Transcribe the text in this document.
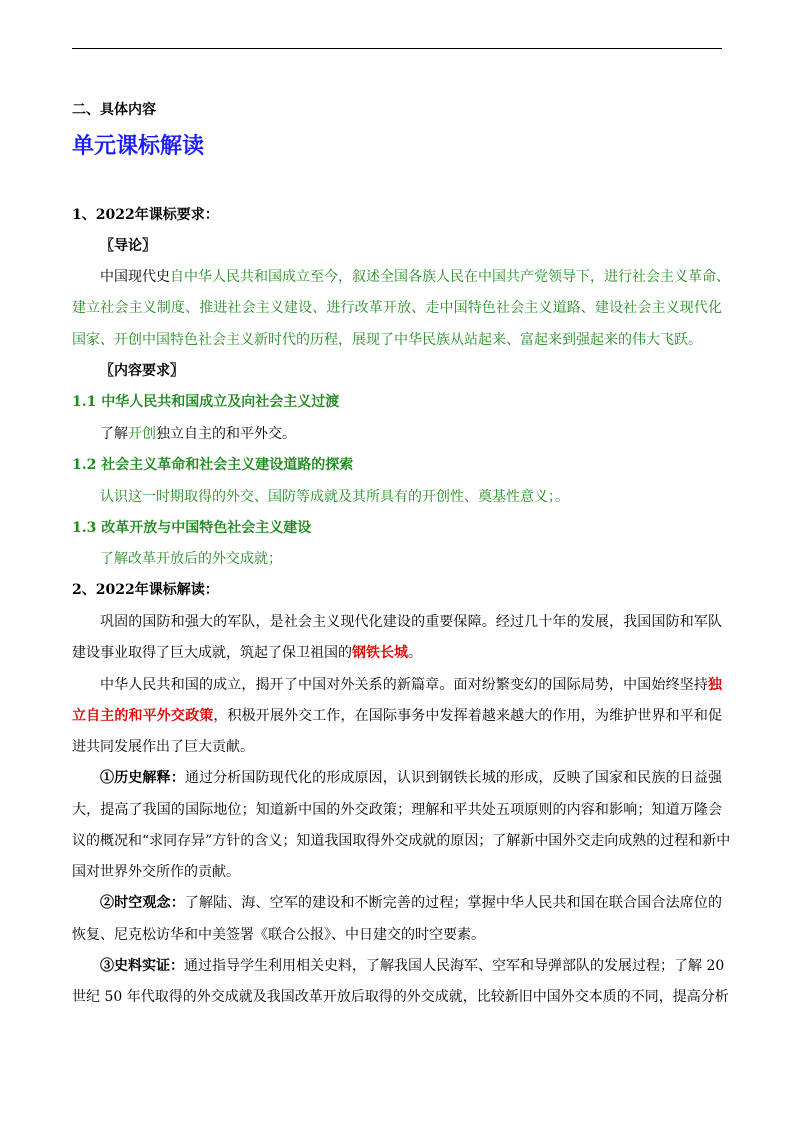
二、具体内容
单元课标解读
1、2022年课标要求：
〖导论〗
中国现代史自中华人民共和国成立至今，叙述全国各族人民在中国共产党领导下，进行社会主义革命、
建立社会主义制度、推进社会主义建设、进行改革开放、走中国特色社会主义道路、建设社会主义现代化
国家、开创中国特色社会主义新时代的历程，展现了中华民族从站起来、富起来到强起来的伟大飞跃。
〖内容要求〗
1.1 中华人民共和国成立及向社会主义过渡
了解开创独立自主的和平外交。
1.2 社会主义革命和社会主义建设道路的探索
认识这一时期取得的外交、国防等成就及其所具有的开创性、奠基性意义；。
1.3 改革开放与中国特色社会主义建设
了解改革开放后的外交成就；
2、2022年课标解读：
巩固的国防和强大的军队，是社会主义现代化建设的重要保障。经过几十年的发展，我国国防和军队
建设事业取得了巨大成就，筑起了保卫祖国的钢铁长城。
中华人民共和国的成立，揭开了中国对外关系的新篇章。面对纷繁变幻的国际局势，中国始终坚持独
立自主的和平外交政策，积极开展外交工作，在国际事务中发挥着越来越大的作用，为维护世界和平和促
进共同发展作出了巨大贡献。
①历史解释：通过分析国防现代化的形成原因，认识到钢铁长城的形成，反映了国家和民族的日益强
大，提高了我国的国际地位；知道新中国的外交政策；理解和平共处五项原则的内容和影响；知道万隆会
议的概况和“求同存异”方针的含义；知道我国取得外交成就的原因；了解新中国外交走向成熟的过程和新中
国对世界外交所作的贡献。
②时空观念：了解陆、海、空军的建设和不断完善的过程；掌握中华人民共和国在联合国合法席位的
恢复、尼克松访华和中美签署《联合公报》、中日建交的时空要素。
③史料实证：通过指导学生利用相关史料，了解我国人民海军、空军和导弹部队的发展过程；了解 20
世纪 50 年代取得的外交成就及我国改革开放后取得的外交成就，比较新旧中国外交本质的不同，提高分析
